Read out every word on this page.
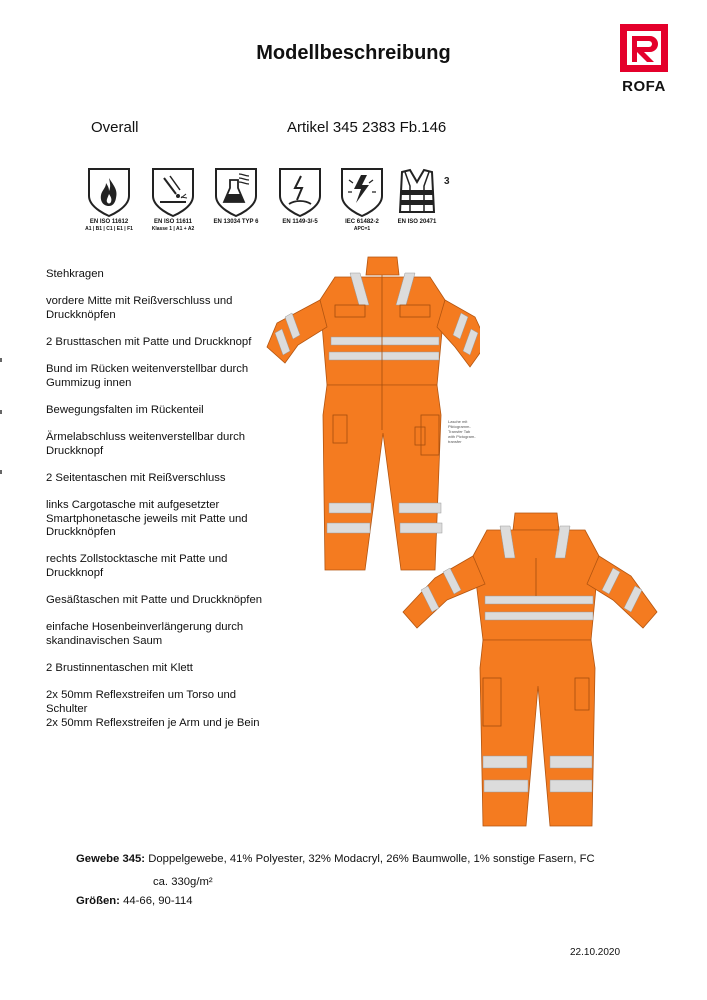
Modellbeschreibung
ROFA
Overall	Artikel 345 2383 Fb.146
EN ISO 11612
A1 | B1 | C1 | E1 | F1
EN ISO 11611
Klasse 1 | A1 + A2
EN 13034 TYP 6	EN 1149-3/-5	IEC 61482-2
APC=1
3
EN ISO 20471
Stehkragen
vordere Mitte mit Reißverschluss und Druckknöpfen
2 Brusttaschen mit Patte und Druckknopf
Bund im Rücken weitenverstellbar durch Gummizug innen
Bewegungsfalten im Rückenteil
Ärmelabschluss weitenverstellbar durch Druckknopf
2 Seitentaschen mit Reißverschluss
links Cargotasche mit aufgesetzter Smartphonetasche jeweils mit Patte und Druckknöpfen
rechts Zollstocktasche mit Patte und Druckknopf
Gesäßtaschen mit Patte und Druckknöpfen
einfache Hosenbeinverlängerung durch skandinavischen Saum
2 Brustinnentaschen mit Klett
2x 50mm Reflexstreifen um Torso und Schulter
2x 50mm Reflexstreifen je Arm und je Bein
Lasche mit Piktogramm-Transfer Tab with Pictogram-transfer
Gewebe 345: Doppelgewebe, 41% Polyester, 32% Modacryl, 26% Baumwolle, 1% sonstige Fasern, FC
ca. 330g/m²
Größen: 44-66, 90-114
22.10.2020
